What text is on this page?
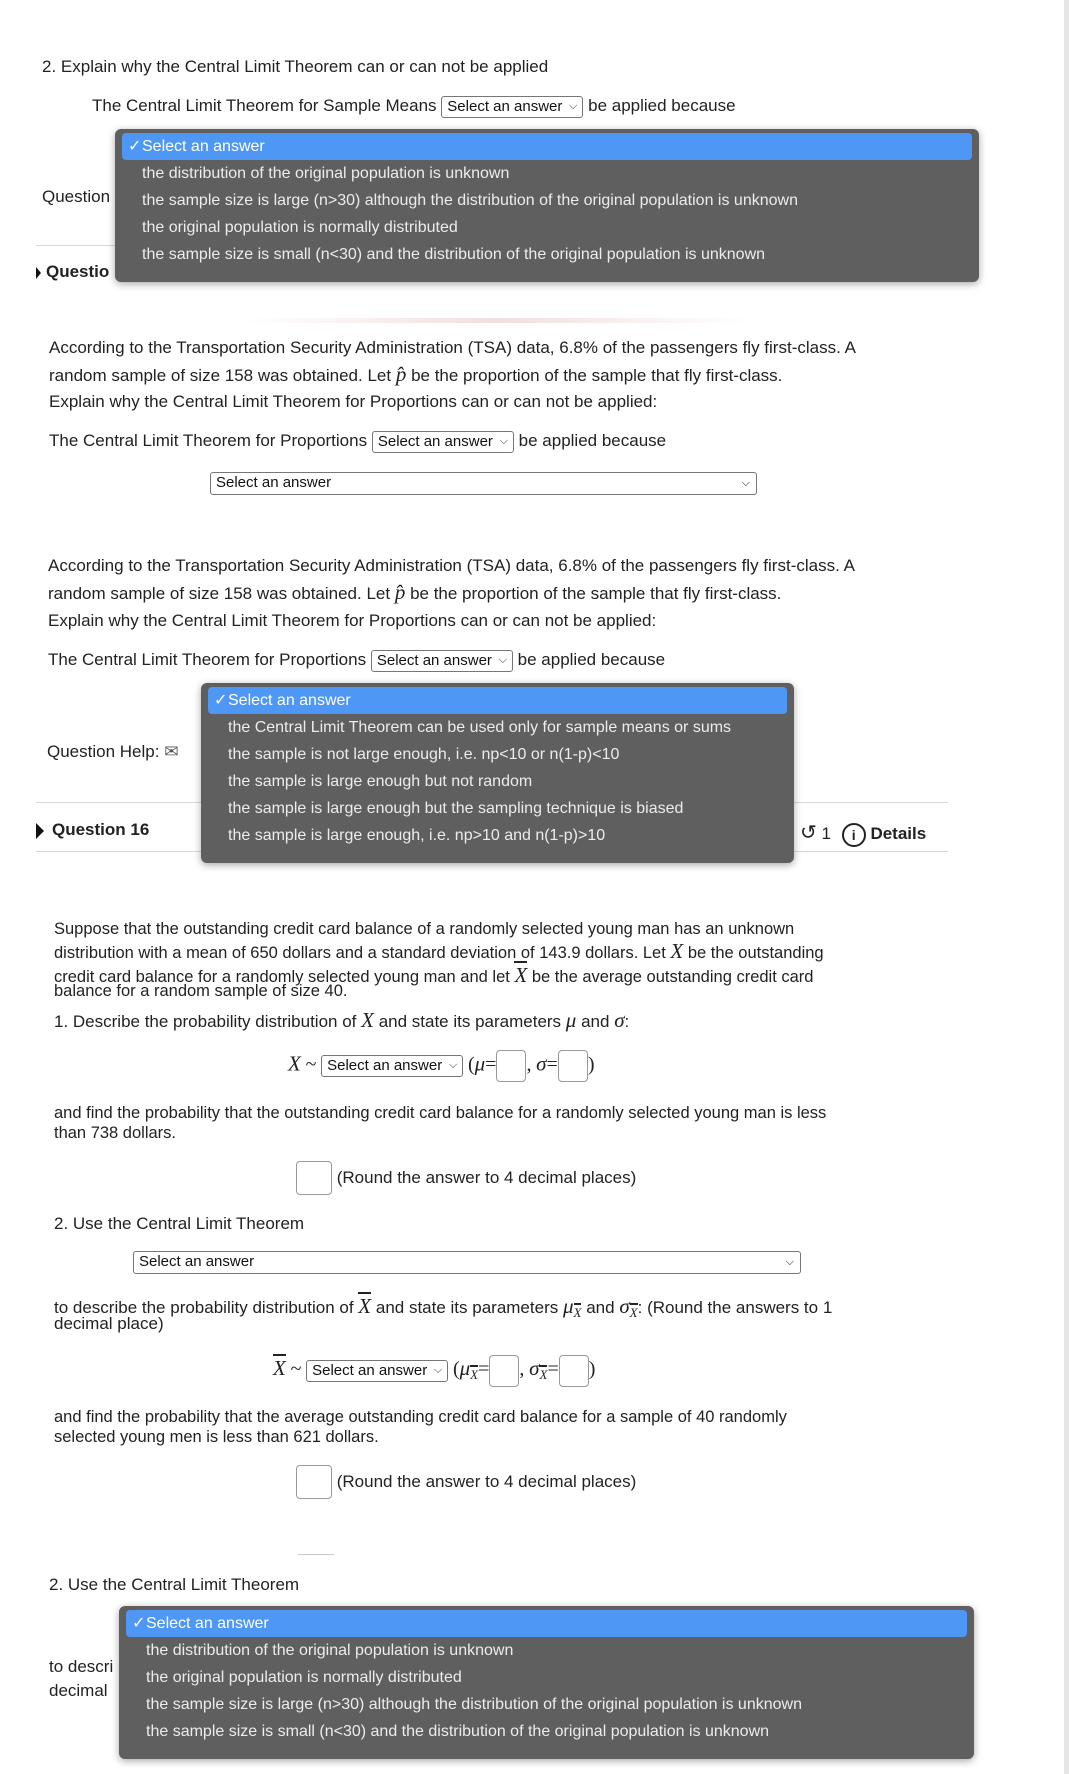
2. Explain why the Central Limit Theorem can or can not be applied
The Central Limit Theorem for Sample Means Select an answer ⌵ be applied because
Question
Questio
✓Select an answer
the distribution of the original population is unknown
the sample size is large (n>30) although the distribution of the original population is unknown
the original population is normally distributed
the sample size is small (n<30) and the distribution of the original population is unknown
According to the Transportation Security Administration (TSA) data, 6.8% of the passengers fly first-class. A
random sample of size 158 was obtained. Let p̂ be the proportion of the sample that fly first-class.
Explain why the Central Limit Theorem for Proportions can or can not be applied:
The Central Limit Theorem for Proportions Select an answer ⌵ be applied because
Select an answer	⌵
According to the Transportation Security Administration (TSA) data, 6.8% of the passengers fly first-class. A
random sample of size 158 was obtained. Let p̂ be the proportion of the sample that fly first-class.
Explain why the Central Limit Theorem for Proportions can or can not be applied:
The Central Limit Theorem for Proportions Select an answer ⌵ be applied because
Question Help: ✉
Question 16	↺ 1 i Details
✓Select an answer
the Central Limit Theorem can be used only for sample means or sums
the sample is not large enough, i.e. np<10 or n(1-p)<10
the sample is large enough but not random
the sample is large enough but the sampling technique is biased
the sample is large enough, i.e. np>10 and n(1-p)>10
Suppose that the outstanding credit card balance of a randomly selected young man has an unknown
distribution with a mean of 650 dollars and a standard deviation of 143.9 dollars. Let X be the outstanding
credit card balance for a randomly selected young man and let X be the average outstanding credit card
balance for a random sample of size 40.
1. Describe the probability distribution of X and state its parameters μ and σ:
X ~ Select an answer ⌵ (μ= , σ= )
and find the probability that the outstanding credit card balance for a randomly selected young man is less
than 738 dollars.
(Round the answer to 4 decimal places)
2. Use the Central Limit Theorem
Select an answer	⌵
to describe the probability distribution of X and state its parameters $\mu_X$ and $\sigma_X$: (Round the answers to 1
decimal place)
X ~ Select an answer ⌵ ($\mu_X=$ , $\sigma_X=$ )
and find the probability that the average outstanding credit card balance for a sample of 40 randomly
selected young men is less than 621 dollars.
(Round the answer to 4 decimal places)
2. Use the Central Limit Theorem
to descri
decimal
✓Select an answer
the distribution of the original population is unknown
the original population is normally distributed
the sample size is large (n>30) although the distribution of the original population is unknown
the sample size is small (n<30) and the distribution of the original population is unknown
